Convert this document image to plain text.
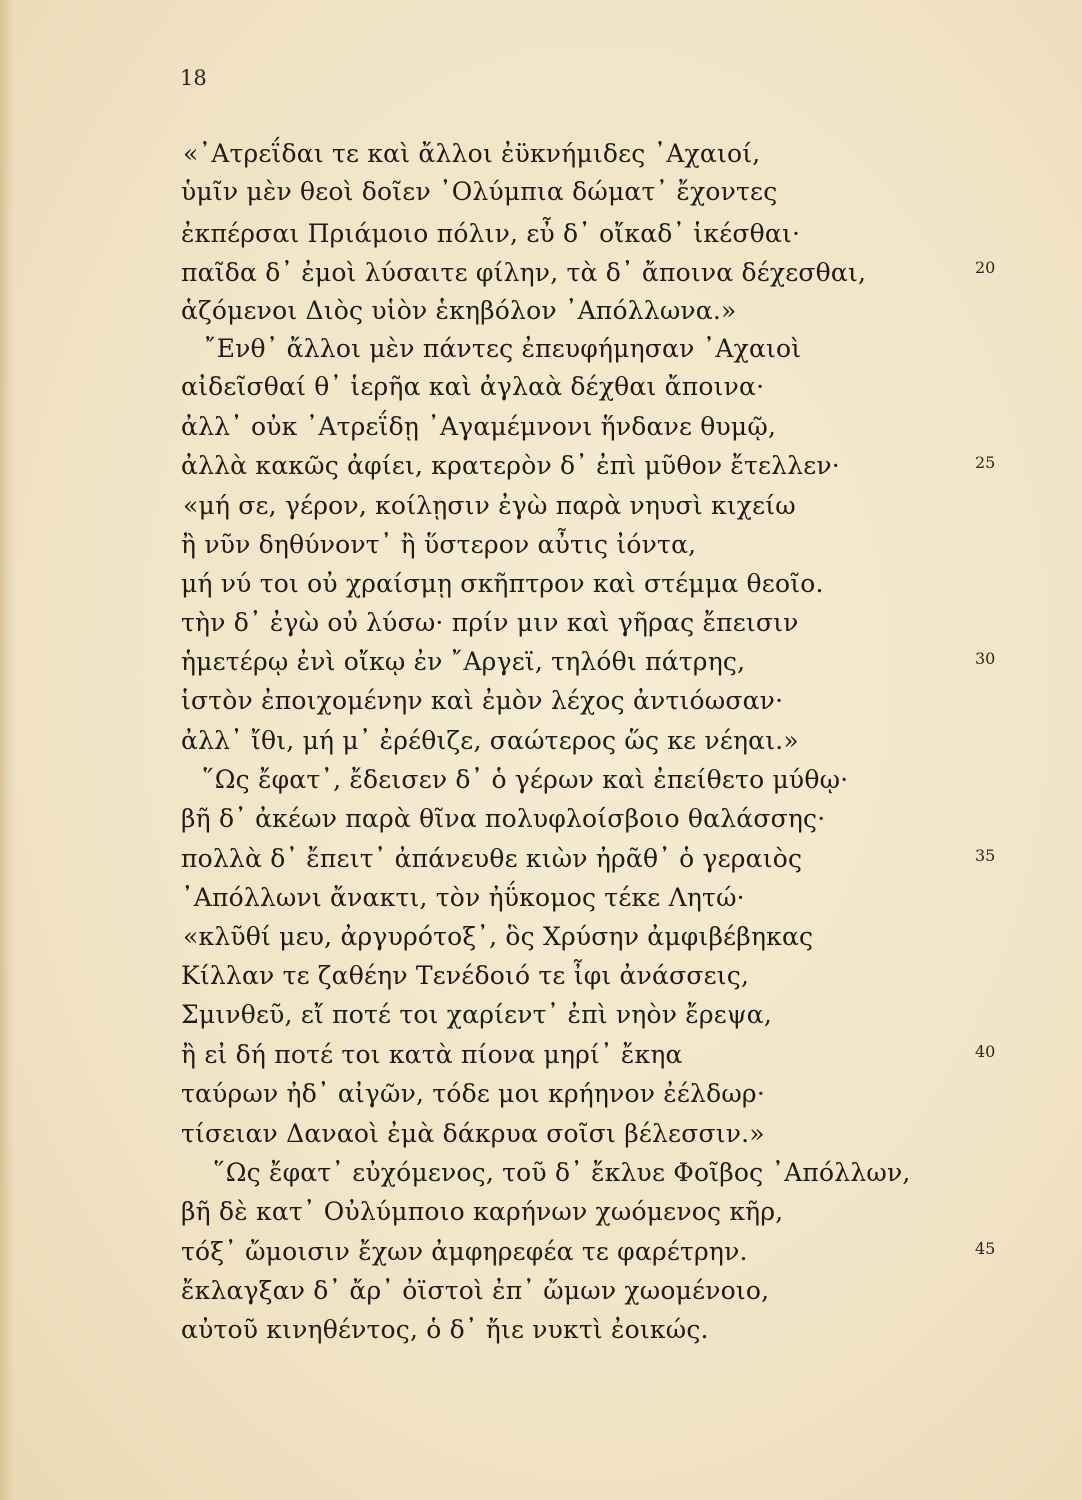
18
«᾽Ατρεΐδαι τε καὶ ἄλλοι ἐϋκνήμιδες ᾽Αχαιοί,
ὑμῖν μὲν θεοὶ δοῖεν ᾽Ολύμπια δώματ᾽ ἔχοντες
ἐκπέρσαι Πριάμοιο πόλιν, εὖ δ᾽ οἴκαδ᾽ ἱκέσθαι·
παῖδα δ᾽ ἐμοὶ λύσαιτε φίλην, τὰ δ᾽ ἄποινα δέχεσθαι,
ἁζόμενοι Διὸς υἱὸν ἑκηβόλον ᾽Απόλλωνα.»
῎Ενθ᾽ ἄλλοι μὲν πάντες ἐπευφήμησαν ᾽Αχαιοὶ
αἰδεῖσθαί θ᾽ ἱερῆα καὶ ἀγλαὰ δέχθαι ἄποινα·
ἀλλ᾽ οὐκ ᾽Ατρεΐδῃ ᾽Αγαμέμνονι ἥνδανε θυμῷ,
ἀλλὰ κακῶς ἀφίει, κρατερὸν δ᾽ ἐπὶ μῦθον ἔτελλεν·
«μή σε, γέρον, κοίλῃσιν ἐγὼ παρὰ νηυσὶ κιχείω
ἢ νῦν δηθύνοντ᾽ ἢ ὕστερον αὖτις ἰόντα,
μή νύ τοι οὐ χραίσμῃ σκῆπτρον καὶ στέμμα θεοῖο.
τὴν δ᾽ ἐγὼ οὐ λύσω· πρίν μιν καὶ γῆρας ἔπεισιν
ἡμετέρῳ ἐνὶ οἴκῳ ἐν ῎Αργεϊ, τηλόθι πάτρης,
ἱστὸν ἐποιχομένην καὶ ἐμὸν λέχος ἀντιόωσαν·
ἀλλ᾽ ἴθι, μή μ᾽ ἐρέθιζε, σαώτερος ὥς κε νέηαι.»
῞Ως ἔφατ᾽, ἔδεισεν δ᾽ ὁ γέρων καὶ ἐπείθετο μύθῳ·
βῆ δ᾽ ἀκέων παρὰ θῖνα πολυφλοίσβοιο θαλάσσης·
πολλὰ δ᾽ ἔπειτ᾽ ἀπάνευθε κιὼν ἠρᾶθ᾽ ὁ γεραιὸς
᾽Απόλλωνι ἄνακτι, τὸν ἠΰκομος τέκε Λητώ·
«κλῦθί μευ, ἀργυρότοξ᾽, ὃς Χρύσην ἀμφιβέβηκας
Κίλλαν τε ζαθέην Τενέδοιό τε ἶφι ἀνάσσεις,
Σμινθεῦ, εἴ ποτέ τοι χαρίεντ᾽ ἐπὶ νηὸν ἔρεψα,
ἢ εἰ δή ποτέ τοι κατὰ πίονα μηρί᾽ ἔκηα
ταύρων ἠδ᾽ αἰγῶν, τόδε μοι κρήηνον ἐέλδωρ·
τίσειαν Δαναοὶ ἐμὰ δάκρυα σοῖσι βέλεσσιν.»
῞Ως ἔφατ᾽ εὐχόμενος, τοῦ δ᾽ ἔκλυε Φοῖβος ᾽Απόλλων,
βῆ δὲ κατ᾽ Οὐλύμποιο καρήνων χωόμενος κῆρ,
τόξ᾽ ὤμοισιν ἔχων ἀμφηρεφέα τε φαρέτρην.
ἔκλαγξαν δ᾽ ἄρ᾽ ὀϊστοὶ ἐπ᾽ ὤμων χωομένοιο,
αὐτοῦ κινηθέντος, ὁ δ᾽ ἤιε νυκτὶ ἐοικώς.
20
25
30
35
40
45
